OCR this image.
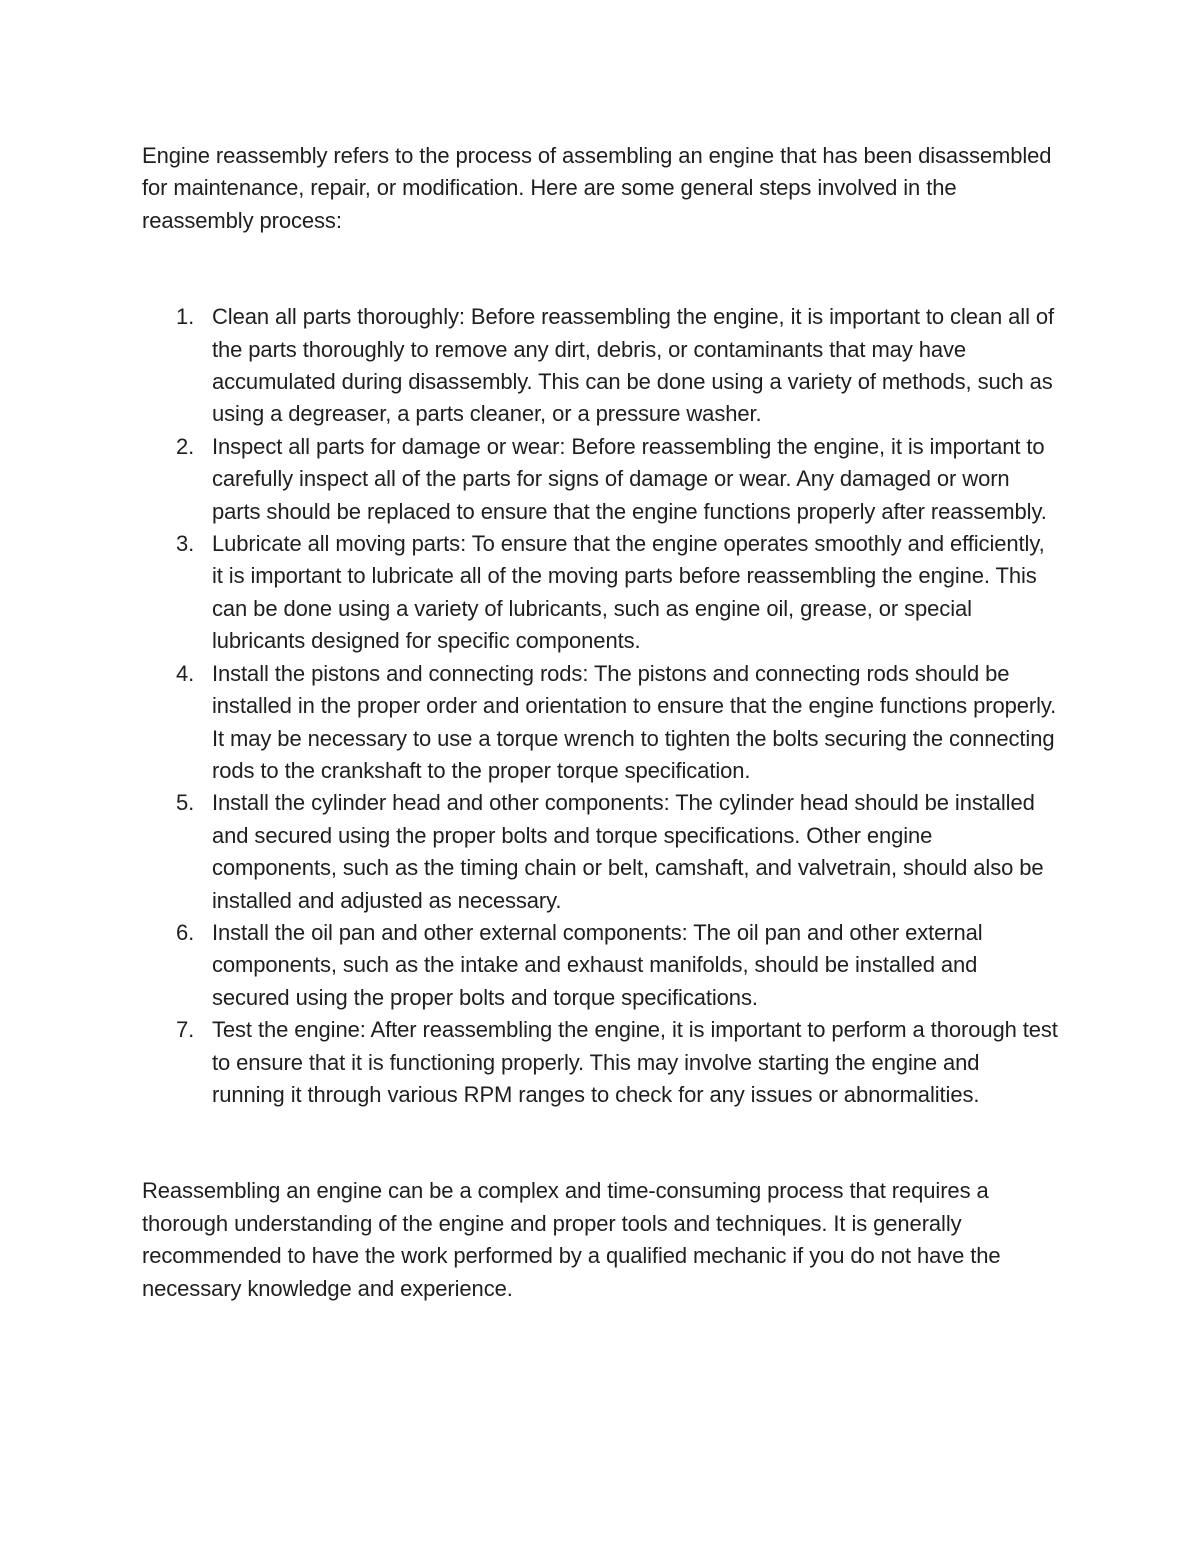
Engine reassembly refers to the process of assembling an engine that has been disassembled for maintenance, repair, or modification. Here are some general steps involved in the reassembly process:

1. Clean all parts thoroughly: Before reassembling the engine, it is important to clean all of the parts thoroughly to remove any dirt, debris, or contaminants that may have accumulated during disassembly. This can be done using a variety of methods, such as using a degreaser, a parts cleaner, or a pressure washer.

2. Inspect all parts for damage or wear: Before reassembling the engine, it is important to carefully inspect all of the parts for signs of damage or wear. Any damaged or worn parts should be replaced to ensure that the engine functions properly after reassembly.

3. Lubricate all moving parts: To ensure that the engine operates smoothly and efficiently, it is important to lubricate all of the moving parts before reassembling the engine. This can be done using a variety of lubricants, such as engine oil, grease, or special lubricants designed for specific components.

4. Install the pistons and connecting rods: The pistons and connecting rods should be installed in the proper order and orientation to ensure that the engine functions properly. It may be necessary to use a torque wrench to tighten the bolts securing the connecting rods to the crankshaft to the proper torque specification.

5. Install the cylinder head and other components: The cylinder head should be installed and secured using the proper bolts and torque specifications. Other engine components, such as the timing chain or belt, camshaft, and valvetrain, should also be installed and adjusted as necessary.

6. Install the oil pan and other external components: The oil pan and other external components, such as the intake and exhaust manifolds, should be installed and secured using the proper bolts and torque specifications.

7. Test the engine: After reassembling the engine, it is important to perform a thorough test to ensure that it is functioning properly. This may involve starting the engine and running it through various RPM ranges to check for any issues or abnormalities.

Reassembling an engine can be a complex and time-consuming process that requires a thorough understanding of the engine and proper tools and techniques. It is generally recommended to have the work performed by a qualified mechanic if you do not have the necessary knowledge and experience.
